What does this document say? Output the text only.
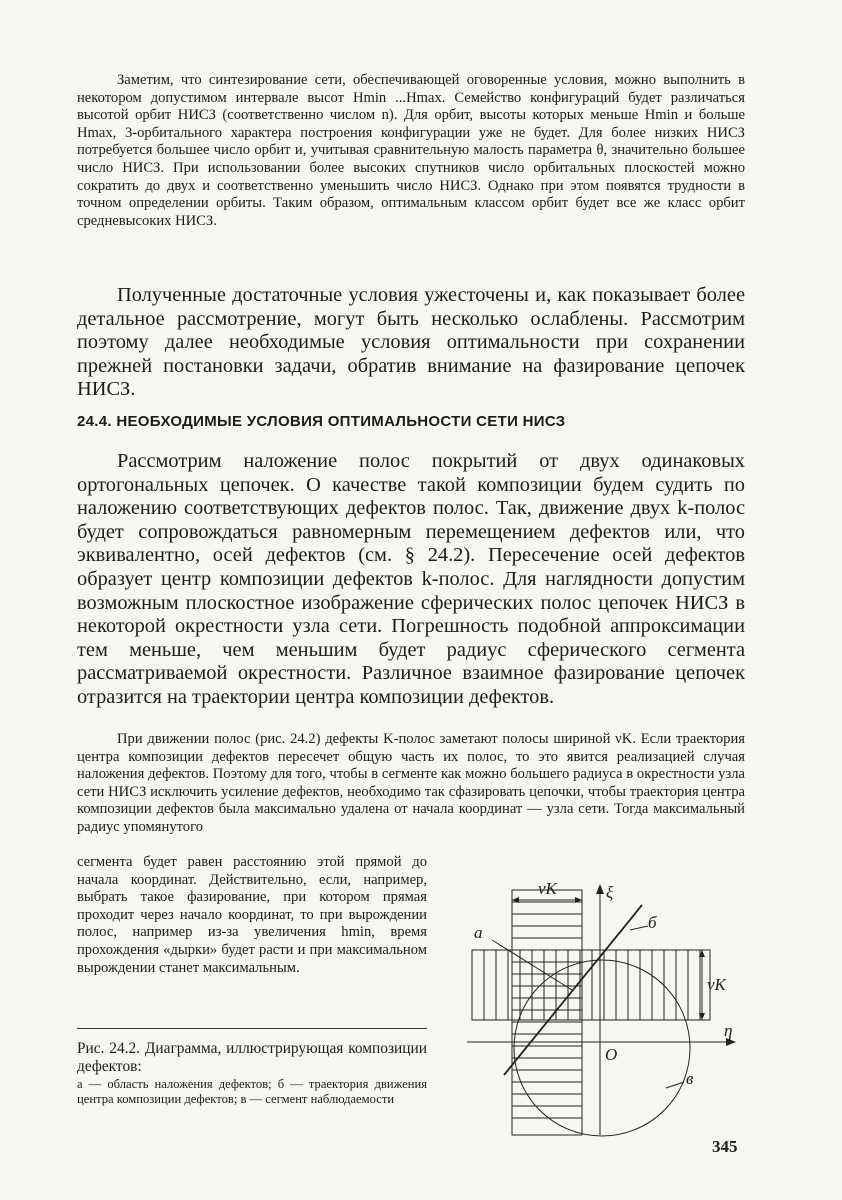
Заметим, что синтезирование сети, обеспечивающей оговоренные условия, можно выполнить в некотором допустимом интервале высот Hmin ...Hmax. Семейство конфигураций будет различаться высотой орбит НИСЗ (соответственно числом n). Для орбит, высоты которых меньше Hmin и больше Hmax, 3-орбитального характера построения конфигурации уже не будет. Для более низких НИСЗ потребуется большее число орбит и, учитывая сравнительную малость параметра θ, значительно большее число НИСЗ. При использовании более высоких спутников число орбитальных плоскостей можно сократить до двух и соответственно уменьшить число НИСЗ. Однако при этом появятся трудности в точном определении орбиты. Таким образом, оптимальным классом орбит будет все же класс орбит средневысоких НИСЗ.
Полученные достаточные условия ужесточены и, как показывает более детальное рассмотрение, могут быть несколько ослаблены. Рассмотрим поэтому далее необходимые условия оптимальности при сохранении прежней постановки задачи, обратив внимание на фазирование цепочек НИСЗ.
24.4. НЕОБХОДИМЫЕ УСЛОВИЯ ОПТИМАЛЬНОСТИ СЕТИ НИСЗ
Рассмотрим наложение полос покрытий от двух одинаковых ортогональных цепочек. О качестве такой композиции будем судить по наложению соответствующих дефектов полос. Так, движение двух k-полос будет сопровождаться равномерным перемещением дефектов или, что эквивалентно, осей дефектов (см. § 24.2). Пересечение осей дефектов образует центр композиции дефектов k-полос. Для наглядности допустим возможным плоскостное изображение сферических полос цепочек НИСЗ в некоторой окрестности узла сети. Погрешность подобной аппроксимации тем меньше, чем меньшим будет радиус сферического сегмента рассматриваемой окрестности. Различное взаимное фазирование цепочек отразится на траектории центра композиции дефектов.
При движении полос (рис. 24.2) дефекты K-полос заметают полосы шириной νK. Если траектория центра композиции дефектов пересечет общую часть их полос, то это явится реализацией случая наложения дефектов. Поэтому для того, чтобы в сегменте как можно большего радиуса в окрестности узла сети НИСЗ исключить усиление дефектов, необходимо так сфазировать цепочки, чтобы траектория центра композиции дефектов была максимально удалена от начала координат — узла сети. Тогда максимальный радиус упомянутого
сегмента будет равен расстоянию этой прямой до начала координат. Действительно, если, например, выбрать такое фазирование, при котором прямая проходит через начало координат, то при вырождении полос, например из-за увеличения hmin, время прохождения «дырки» будет расти и при максимальном вырождении станет максимальным.
Рис. 24.2. Диаграмма, иллюстрирующая композиции дефектов:
а — область наложения дефектов; б — траектория движения центра композиции дефектов; в — сегмент наблюдаемости
νK	ξ
а
б
νK
η
O
в
345
